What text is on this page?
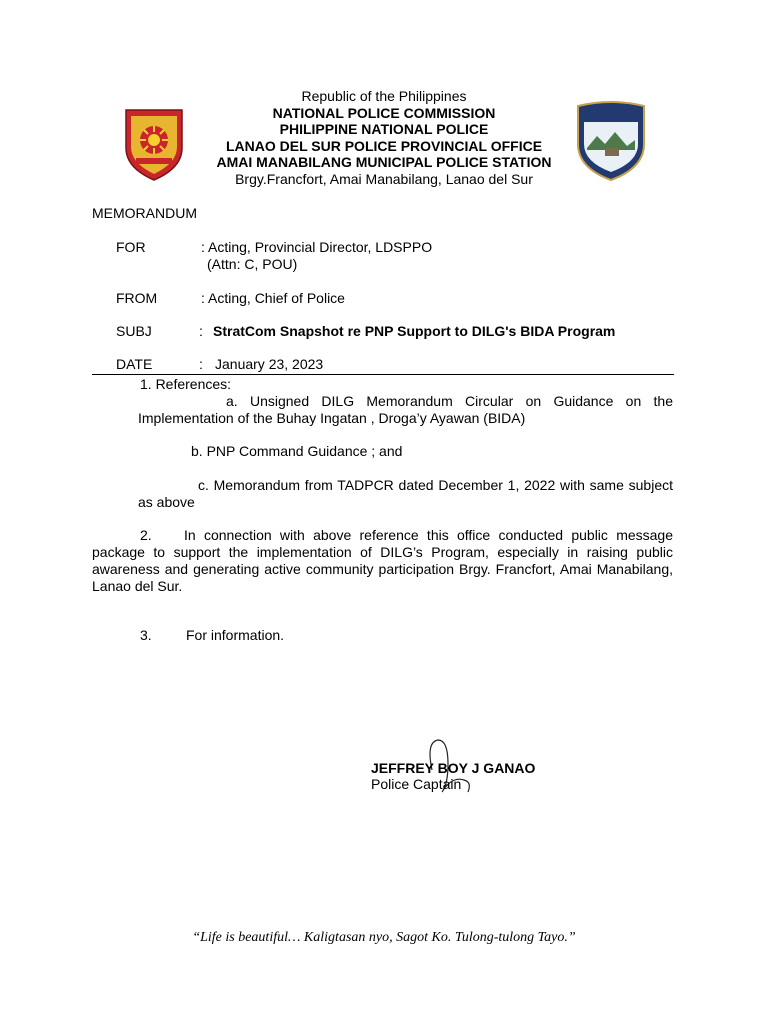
Republic of the Philippines
NATIONAL POLICE COMMISSION
PHILIPPINE NATIONAL POLICE
LANAO DEL SUR POLICE PROVINCIAL OFFICE
AMAI MANABILANG MUNICIPAL POLICE STATION
Brgy.Francfort, Amai Manabilang, Lanao del Sur
MEMORANDUM
FOR	: Acting, Provincial Director, LDSPPO
(Attn: C, POU)
FROM	: Acting, Chief of Police
SUBJ	: StratCom Snapshot re PNP Support to DILG's BIDA Program
DATE	: January 23, 2023
1. References:
a. Unsigned DILG Memorandum Circular on Guidance on the Implementation of the Buhay Ingatan , Droga’y Ayawan (BIDA)
b. PNP Command Guidance ; and
c. Memorandum from TADPCR dated December 1, 2022 with same subject as above
2.	In connection with above reference this office conducted public message package to support the implementation of DILG’s Program, especially in raising public awareness and generating active community participation Brgy. Francfort, Amai Manabilang, Lanao del Sur.
3. For information.
JEFFREY BOY J GANAO
Police Captain
“Life is beautiful… Kaligtasan nyo, Sagot Ko. Tulong-tulong Tayo.”
